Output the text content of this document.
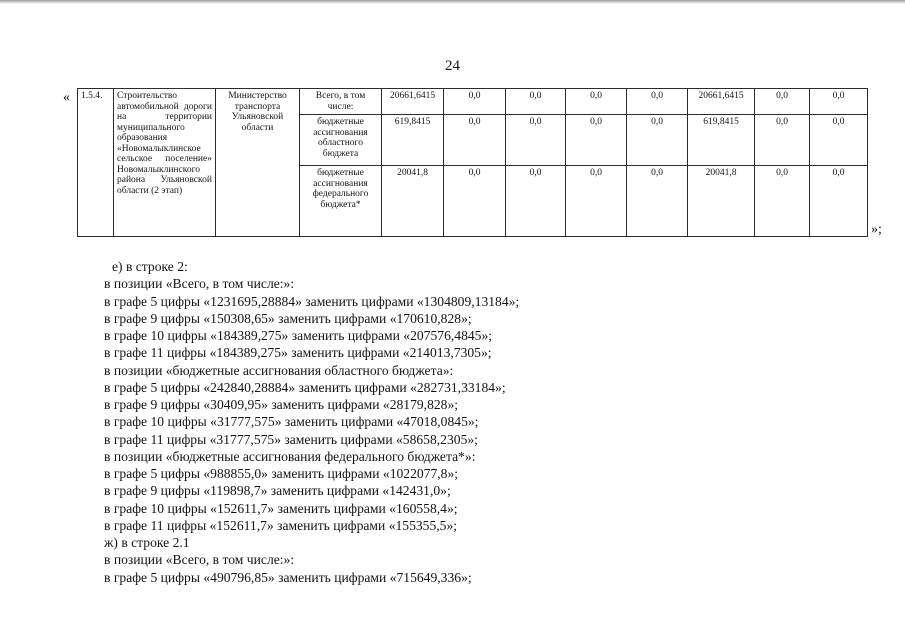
24
« 1.5.4.	Строительство автомобильной дороги на территории муниципального образования «Новомалыклинское сельское поселение» Новомалыклинского района Ульяновской области (2 этап)	Министерство транспорта Ульяновской области	Всего, в том числе:	20661,6415	0,0	0,0	0,0	0,0	20661,6415	0,0	0,0
			бюджетные ассигнования областного бюджета	619,8415	0,0	0,0	0,0	0,0	619,8415	0,0	0,0
			бюджетные ассигнования федерального бюджета*	20041,8	0,0	0,0	0,0	0,0	20041,8	0,0	0,0
»;
е) в строке 2:
в позиции «Всего, в том числе:»:
в графе 5 цифры «1231695,28884» заменить цифрами «1304809,13184»;
в графе 9 цифры «150308,65» заменить цифрами «170610,828»;
в графе 10 цифры «184389,275» заменить цифрами «207576,4845»;
в графе 11 цифры «184389,275» заменить цифрами «214013,7305»;
в позиции «бюджетные ассигнования областного бюджета»:
в графе 5 цифры «242840,28884» заменить цифрами «282731,33184»;
в графе 9 цифры «30409,95» заменить цифрами «28179,828»;
в графе 10 цифры «31777,575» заменить цифрами «47018,0845»;
в графе 11 цифры «31777,575» заменить цифрами «58658,2305»;
в позиции «бюджетные ассигнования федерального бюджета*»:
в графе 5 цифры «988855,0» заменить цифрами «1022077,8»;
в графе 9 цифры «119898,7» заменить цифрами «142431,0»;
в графе 10 цифры «152611,7» заменить цифрами «160558,4»;
в графе 11 цифры «152611,7» заменить цифрами «155355,5»;
ж) в строке 2.1
в позиции «Всего, в том числе:»:
в графе 5 цифры «490796,85» заменить цифрами «715649,336»;
